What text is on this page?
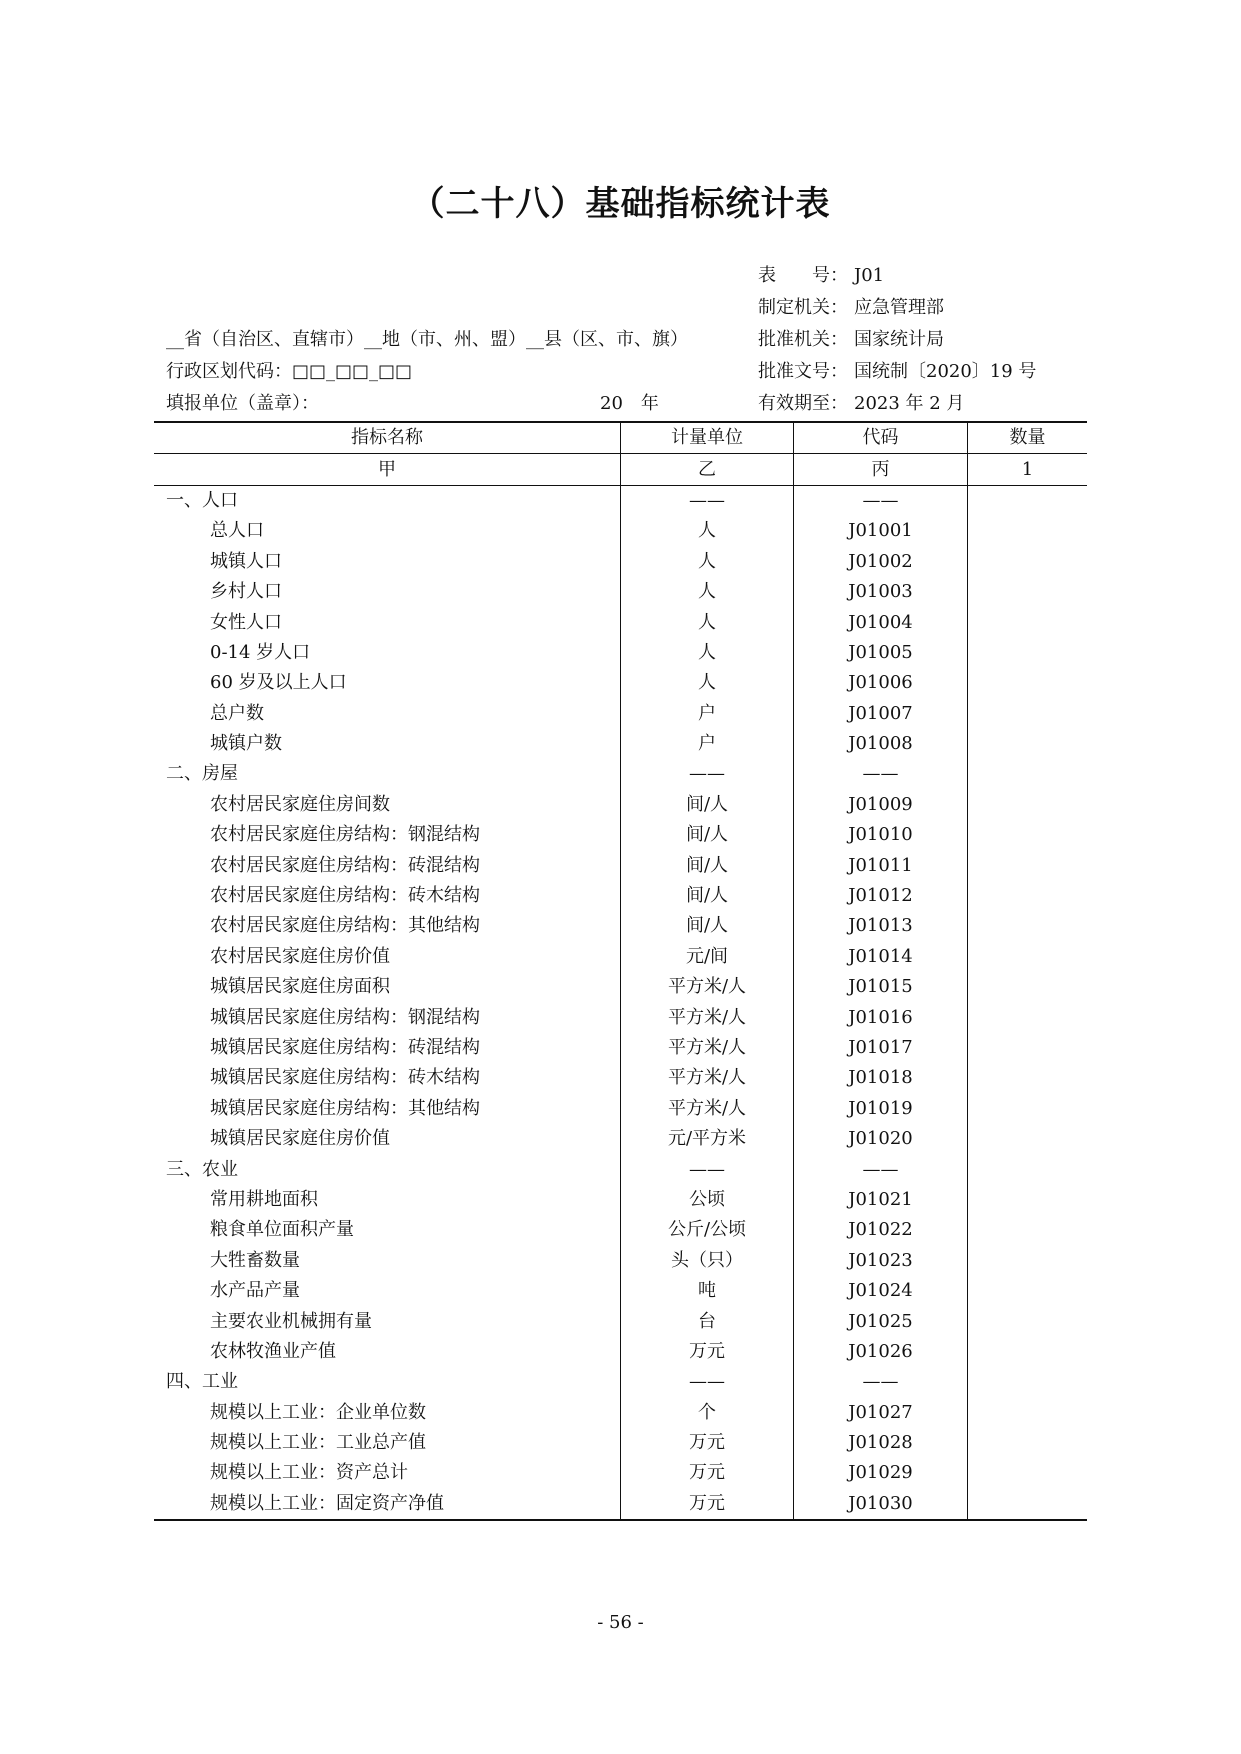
（二十八）基础指标统计表
表　　号： J01
制定机关： 应急管理部
批准机关： 国家统计局
批准文号： 国统制〔2020〕19 号
有效期至： 2023 年 2 月
__省（自治区、直辖市）__地（市、州、盟）__县（区、市、旗）
行政区划代码：□□_□□_□□
填报单位（盖章）：	20　年
指标名称	计量单位	代码	数量
甲	乙	丙	1
一、人口	——	——	
总人口	人	J01001	
城镇人口	人	J01002	
乡村人口	人	J01003	
女性人口	人	J01004	
0-14 岁人口	人	J01005	
60 岁及以上人口	人	J01006	
总户数	户	J01007	
城镇户数	户	J01008	
二、房屋	——	——	
农村居民家庭住房间数	间/人	J01009	
农村居民家庭住房结构：钢混结构	间/人	J01010	
农村居民家庭住房结构：砖混结构	间/人	J01011	
农村居民家庭住房结构：砖木结构	间/人	J01012	
农村居民家庭住房结构：其他结构	间/人	J01013	
农村居民家庭住房价值	元/间	J01014	
城镇居民家庭住房面积	平方米/人	J01015	
城镇居民家庭住房结构：钢混结构	平方米/人	J01016	
城镇居民家庭住房结构：砖混结构	平方米/人	J01017	
城镇居民家庭住房结构：砖木结构	平方米/人	J01018	
城镇居民家庭住房结构：其他结构	平方米/人	J01019	
城镇居民家庭住房价值	元/平方米	J01020	
三、农业	——	——	
常用耕地面积	公顷	J01021	
粮食单位面积产量	公斤/公顷	J01022	
大牲畜数量	头（只）	J01023	
水产品产量	吨	J01024	
主要农业机械拥有量	台	J01025	
农林牧渔业产值	万元	J01026	
四、工业	——	——	
规模以上工业：企业单位数	个	J01027	
规模以上工业：工业总产值	万元	J01028	
规模以上工业：资产总计	万元	J01029	
规模以上工业：固定资产净值	万元	J01030	
- 56 -
